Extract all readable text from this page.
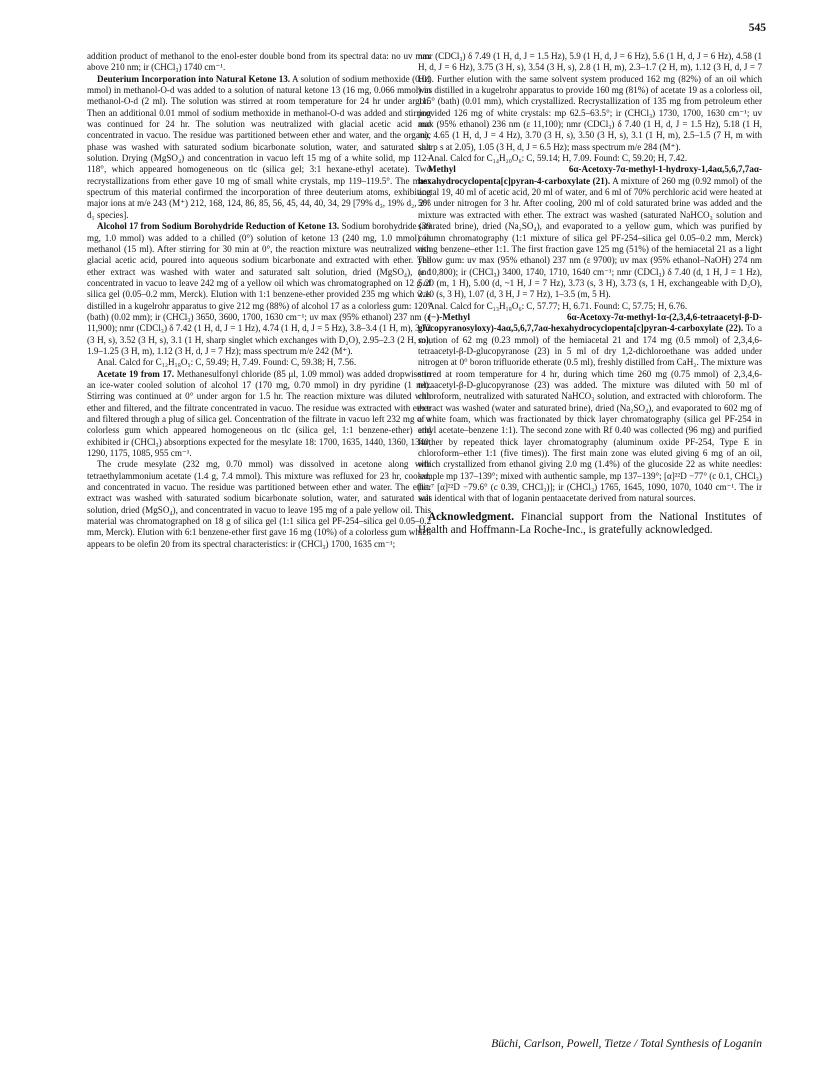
545

addition product of methanol to the enol-ester double bond from its spectral data: no uv max above 210 nm; ir (CHCl₃) 1740 cm⁻¹.

Deuterium Incorporation into Natural Ketone 13. A solution of sodium methoxide (0.01 mmol) in methanol-O-d was added to a solution of natural ketone 13 (16 mg, 0.066 mmol) in methanol-O-d (2 ml). The solution was stirred at room temperature for 24 hr under argon. Then an additional 0.01 mmol of sodium methoxide in methanol-O-d was added and stirring was continued for 24 hr. The solution was neutralized with glacial acetic acid and concentrated in vacuo. The residue was partitioned between ether and water, and the organic phase was washed with saturated sodium bicarbonate solution, water, and saturated salt solution. Drying (MgSO₄) and concentration in vacuo left 15 mg of a white solid, mp 112–118°, which appeared homogeneous on tlc (silica gel; 3:1 hexane-ethyl acetate). Two recrystallizations from ether gave 10 mg of small white crystals, mp 119–119.5°. The mass spectrum of this material confirmed the incorporation of three deuterium atoms, exhibiting major ions at m/e 243 (M⁺) 212, 168, 124, 86, 85, 56, 45, 44, 40, 34, 29 [79% d₃, 19% d₂, 2% d₁ species].

Alcohol 17 from Sodium Borohydride Reduction of Ketone 13. Sodium borohydride (39 mg, 1.0 mmol) was added to a chilled (0°) solution of ketone 13 (240 mg, 1.0 mmol) in methanol (15 ml). After stirring for 30 min at 0°, the reaction mixture was neutralized with glacial acetic acid, poured into aqueous sodium bicarbonate and extracted with ether. The ether extract was washed with water and saturated salt solution, dried (MgSO₄), and concentrated in vacuo to leave 242 mg of a yellow oil which was chromatographed on 12 g of silica gel (0.05–0.2 mm, Merck). Elution with 1:1 benzene-ether provided 235 mg which was distilled in a kugelrohr apparatus to give 212 mg (88%) of alcohol 17 as a colorless gum: 120° (bath) (0.02 mm); ir (CHCl₃) 3650, 3600, 1700, 1630 cm⁻¹; uv max (95% ethanol) 237 nm (ε 11,900); nmr (CDCl₃) δ 7.42 (1 H, d, J = 1 Hz), 4.74 (1 H, d, J = 5 Hz), 3.8–3.4 (1 H, m), 3.72 (3 H, s), 3.52 (3 H, s), 3.1 (1 H, sharp singlet which exchanges with D₂O), 2.95–2.3 (2 H, m), 1.9–1.25 (3 H, m), 1.12 (3 H, d, J = 7 Hz); mass spectrum m/e 242 (M⁺).

Anal. Calcd for C₁₂H₁₈O₅: C, 59.49; H, 7.49. Found: C, 59.38; H, 7.56.

Acetate 19 from 17. Methanesulfonyl chloride (85 μl, 1.09 mmol) was added dropwise to an ice-water cooled solution of alcohol 17 (170 mg, 0.70 mmol) in dry pyridine (1 ml). Stirring was continued at 0° under argon for 1.5 hr. The reaction mixture was diluted with ether and filtered, and the filtrate concentrated in vacuo. The residue was extracted with ether and filtered through a plug of silica gel. Concentration of the filtrate in vacuo left 232 mg of a colorless gum which appeared homogeneous on tlc (silica gel, 1:1 benzene-ether) and exhibited ir (CHCl₃) absorptions expected for the mesylate 18: 1700, 1635, 1440, 1360, 1340, 1290, 1175, 1085, 955 cm⁻¹.

The crude mesylate (232 mg, 0.70 mmol) was dissolved in acetone along with tetraethylammonium acetate (1.4 g, 7.4 mmol). This mixture was refluxed for 23 hr, cooled, and concentrated in vacuo. The residue was partitioned between ether and water. The ether extract was washed with saturated sodium bicarbonate solution, water, and saturated salt solution, dried (MgSO₄), and concentrated in vacuo to leave 195 mg of a pale yellow oil. This material was chromatographed on 18 g of silica gel (1:1 silica gel PF-254–silica gel 0.05–0.2 mm, Merck). Elution with 6:1 benzene-ether first gave 16 mg (10%) of a colorless gum which appears to be olefin 20 from its spectral characteristics: ir (CHCl₃) 1700, 1635 cm⁻¹;

nmr (CDCl₃) δ 7.49 (1 H, d, J = 1.5 Hz), 5.9 (1 H, d, J = 6 Hz), 5.6 (1 H, d, J = 6 Hz), 4.58 (1 H, d, J = 6 Hz), 3.75 (3 H, s), 3.54 (3 H, s), 2.8 (1 H, m), 2.3–1.7 (2 H, m), 1.12 (3 H, d, J = 7 Hz). Further elution with the same solvent system produced 162 mg (82%) of an oil which was distilled in a kugelrohr apparatus to provide 160 mg (81%) of acetate 19 as a colorless oil, 115° (bath) (0.01 mm), which crystallized. Recrystallization of 135 mg from petroleum ether provided 126 mg of white crystals: mp 62.5–63.5°; ir (CHCl₃) 1730, 1700, 1630 cm⁻¹; uv max (95% ethanol) 236 nm (ε 11,100); nmr (CDCl₃) δ 7.40 (1 H, d, J = 1.5 Hz), 5.18 (1 H, m), 4.65 (1 H, d, J = 4 Hz), 3.70 (3 H, s), 3.50 (3 H, s), 3.1 (1 H, m), 2.5–1.5 (7 H, m with sharp s at 2.05), 1.05 (3 H, d, J = 6.5 Hz); mass spectrum m/e 284 (M⁺).

Anal. Calcd for C₁₄H₂₀O₆: C, 59.14; H, 7.09. Found: C, 59.20; H, 7.42.

Methyl 6α-Acetoxy-7α-methyl-1-hydroxy-1,4aα,5,6,7,7aα-hexahydrocyclopenta[c]pyran-4-carboxylate (21). A mixture of 260 mg (0.92 mmol) of the acetal 19, 40 ml of acetic acid, 20 ml of water, and 6 ml of 70% perchloric acid were heated at 50° under nitrogen for 3 hr. After cooling, 200 ml of cold saturated brine was added and the mixture was extracted with ether. The extract was washed (saturated NaHCO₃ solution and saturated brine), dried (Na₂SO₄), and evaporated to a yellow gum, which was purified by column chromatography (1:1 mixture of silica gel PF-254–silica gel 0.05–0.2 mm, Merck) using benzene–ether 1:1. The first fraction gave 125 mg (51%) of the hemiacetal 21 as a light yellow gum: uv max (95% ethanol) 237 nm (ε 9700); uv max (95% ethanol–NaOH) 274 nm (ε 10,800); ir (CHCl₃) 3400, 1740, 1710, 1640 cm⁻¹; nmr (CDCl₃) δ 7.40 (d, 1 H, J = 1 Hz), 5.20 (m, 1 H), 5.00 (d, ~1 H, J = 7 Hz), 3.73 (s, 3 H), 3.73 (s, 1 H, exchangeable with D₂O), 2.10 (s, 3 H), 1.07 (d, 3 H, J = 7 Hz), 1–3.5 (m, 5 H).

Anal. Calcd for C₁₃H₁₈O₆: C, 57.77; H, 6.71. Found: C, 57.75; H, 6.76.

(−)-Methyl 6α-Acetoxy-7α-methyl-1α-(2,3,4,6-tetraacetyl-β-D-glucopyranosyloxy)-4aα,5,6,7,7aα-hexahydrocyclopenta[c]pyran-4-carboxylate (22). To a solution of 62 mg (0.23 mmol) of the hemiacetal 21 and 174 mg (0.5 mmol) of 2,3,4,6-tetraacetyl-β-D-glucopyranose (23) in 5 ml of dry 1,2-dichloroethane was added under nitrogen at 0° boron trifluoride etherate (0.5 ml), freshly distilled from CaH₂. The mixture was stirred at room temperature for 4 hr, during which time 260 mg (0.75 mmol) of 2,3,4,6-tetraacetyl-β-D-glucopyranose (23) was added. The mixture was diluted with 50 ml of chloroform, neutralized with saturated NaHCO₃ solution, and extracted with chloroform. The extract was washed (water and saturated brine), dried (Na₂SO₄), and evaporated to 602 mg of a white foam, which was fractionated by thick layer chromatography (silica gel PF-254 in ethyl acetate–benzene 1:1). The second zone with Rf 0.40 was collected (96 mg) and purified further by repeated thick layer chromatography (aluminum oxide PF-254, Type E in chloroform–ether 1:1 (five times)). The first main zone was eluted giving 6 mg of an oil, which crystallized from ethanol giving 2.0 mg (1.4%) of the glucoside 22 as white needles: sample mp 137–139°; mixed with authentic sample, mp 137–139°; [α]²²D −77° (c 0.1, CHCl₃) [lit.⁷ [α]²²D −79.6° (c 0.39, CHCl₃)]; ir (CHCl₃) 1765, 1645, 1090, 1070, 1040 cm⁻¹. The ir was identical with that of loganin pentaacetate derived from natural sources.

Acknowledgment. Financial support from the National Institutes of Health and Hoffmann-La Roche-Inc., is gratefully acknowledged.

Büchi, Carlson, Powell, Tietze / Total Synthesis of Loganin
